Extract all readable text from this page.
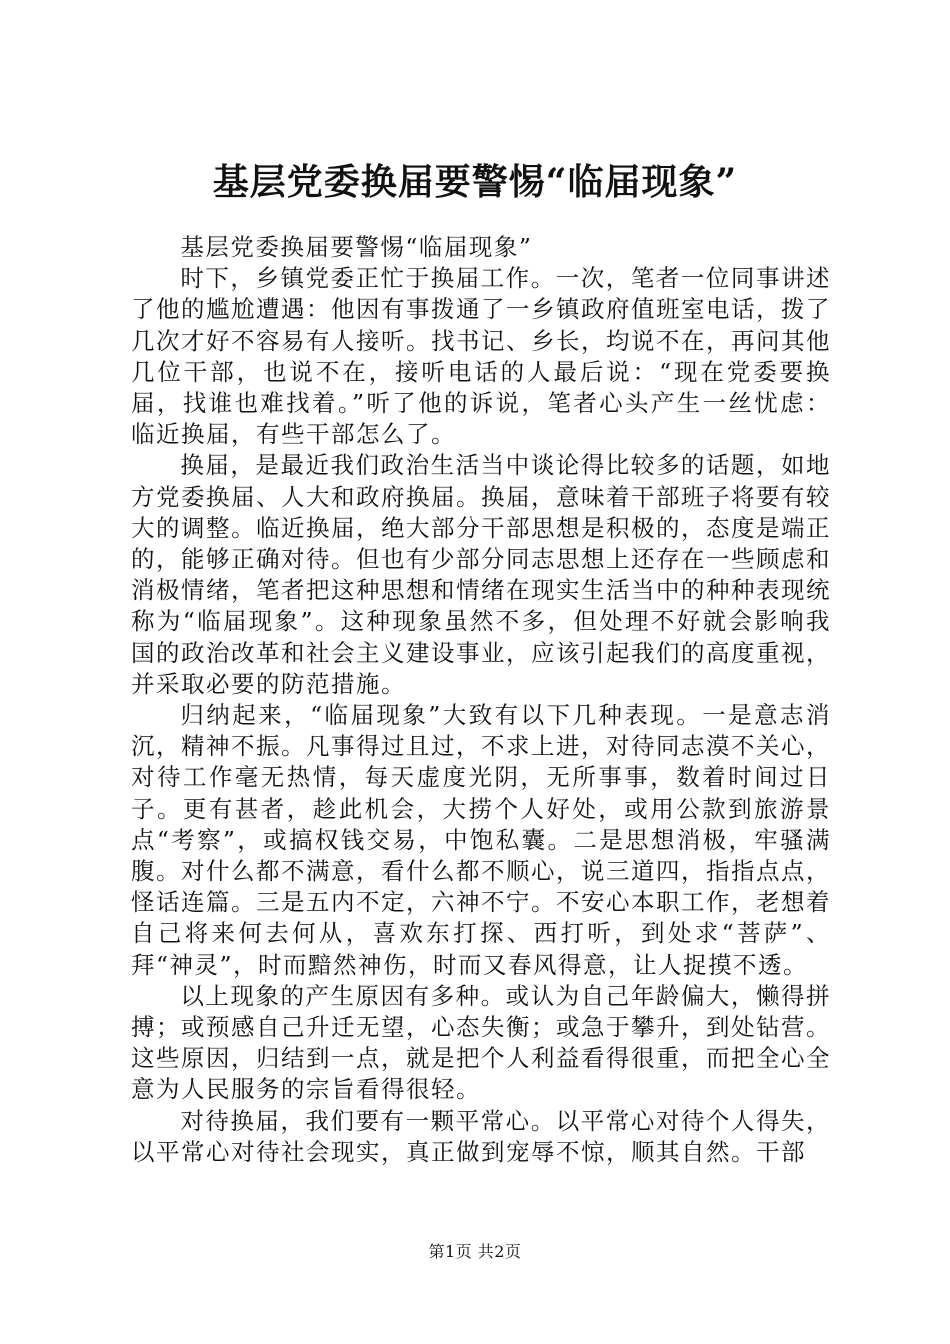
基层党委换届要警惕“临届现象”

基层党委换届要警惕“临届现象”

时下，乡镇党委正忙于换届工作。一次，笔者一位同事讲述了他的尴尬遭遇：他因有事拨通了一乡镇政府值班室电话，拨了几次才好不容易有人接听。找书记、乡长，均说不在，再问其他几位干部，也说不在，接听电话的人最后说：“现在党委要换届，找谁也难找着。”听了他的诉说，笔者心头产生一丝忧虑：临近换届，有些干部怎么了。

换届，是最近我们政治生活当中谈论得比较多的话题，如地方党委换届、人大和政府换届。换届，意味着干部班子将要有较大的调整。临近换届，绝大部分干部思想是积极的，态度是端正的，能够正确对待。但也有少部分同志思想上还存在一些顾虑和消极情绪，笔者把这种思想和情绪在现实生活当中的种种表现统称为“临届现象”。这种现象虽然不多，但处理不好就会影响我国的政治改革和社会主义建设事业，应该引起我们的高度重视，并采取必要的防范措施。

归纳起来，“临届现象”大致有以下几种表现。一是意志消沉，精神不振。凡事得过且过，不求上进，对待同志漠不关心，对待工作毫无热情，每天虚度光阴，无所事事，数着时间过日子。更有甚者，趁此机会，大捞个人好处，或用公款到旅游景点“考察”，或搞权钱交易，中饱私囊。二是思想消极，牢骚满腹。对什么都不满意，看什么都不顺心，说三道四，指指点点，怪话连篇。三是五内不定，六神不宁。不安心本职工作，老想着自己将来何去何从，喜欢东打探、西打听，到处求“菩萨”、拜“神灵”，时而黯然神伤，时而又春风得意，让人捉摸不透。

以上现象的产生原因有多种。或认为自己年龄偏大，懒得拼搏；或预感自己升迁无望，心态失衡；或急于攀升，到处钻营。这些原因，归结到一点，就是把个人利益看得很重，而把全心全意为人民服务的宗旨看得很轻。

对待换届，我们要有一颗平常心。以平常心对待个人得失，以平常心对待社会现实，真正做到宠辱不惊，顺其自然。干部

第1页 共2页
